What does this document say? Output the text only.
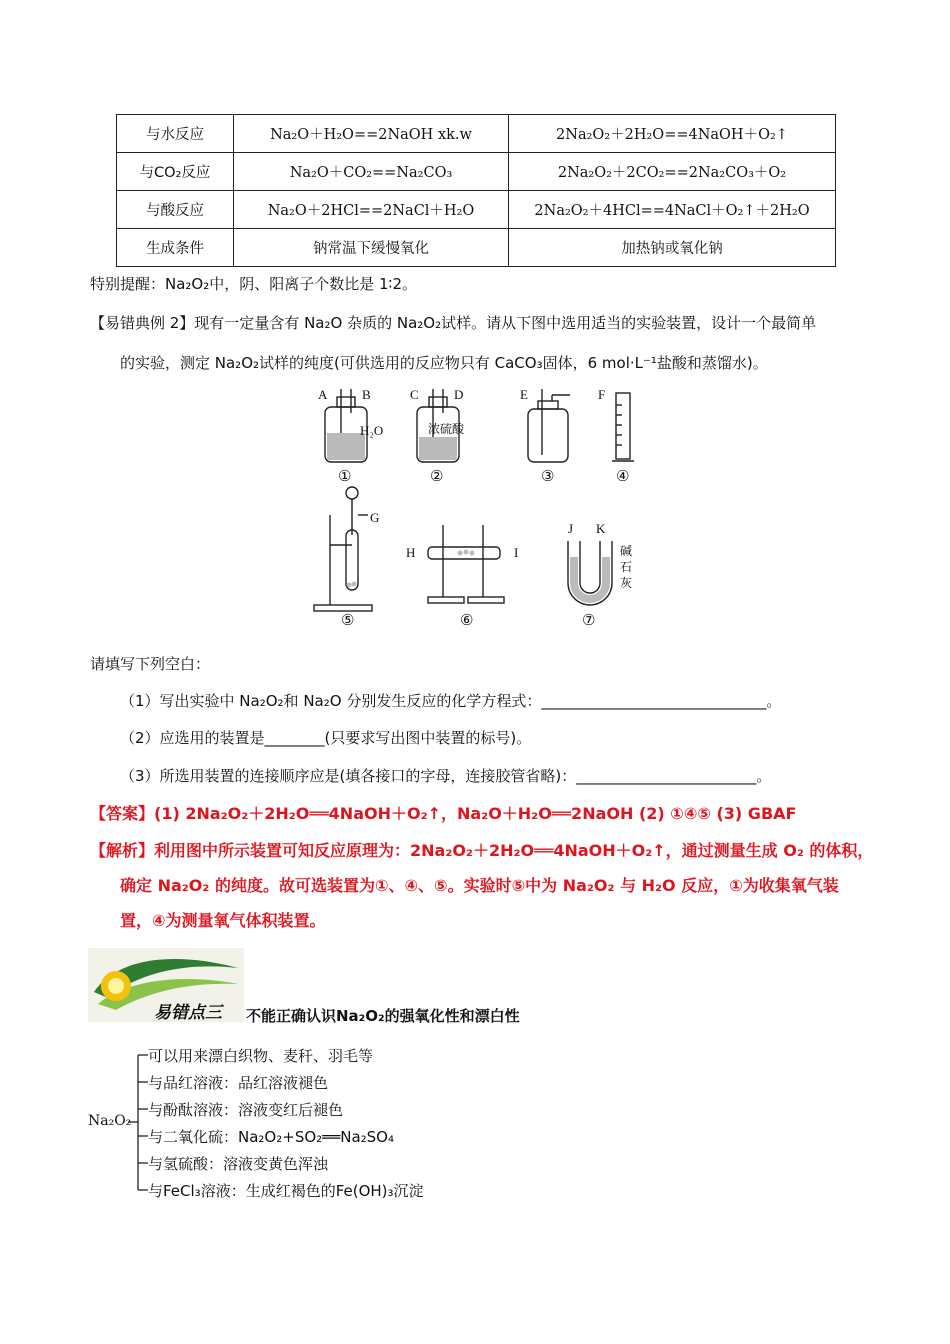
与水反应	Na₂O＋H₂O==2NaOH xk.w	2Na₂O₂＋2H₂O==4NaOH＋O₂↑
与CO₂反应	Na₂O＋CO₂==Na₂CO₃	2Na₂O₂＋2CO₂==2Na₂CO₃＋O₂
与酸反应	Na₂O＋2HCl==2NaCl＋H₂O	2Na₂O₂＋4HCl==4NaCl＋O₂↑＋2H₂O
生成条件	钠常温下缓慢氧化	加热钠或氧化钠
特别提醒：Na₂O₂中，阴、阳离子个数比是 1∶2。
【易错典例 2】现有一定量含有 Na₂O 杂质的 Na₂O₂试样。请从下图中选用适当的实验装置，设计一个最简单
的实验，测定 Na₂O₂试样的纯度(可供选用的反应物只有 CaCO₃固体，6 mol·L⁻¹盐酸和蒸馏水)。
A	B	C	D	E	F
G
H	I
J K
H₂O	浓硫酸
碱
石
灰
①	②	③	④
⑤	⑥	⑦
请填写下列空白：
（1）写出实验中 Na₂O₂和 Na₂O 分别发生反应的化学方程式：______________________________。
（2）应选用的装置是________(只要求写出图中装置的标号)。
（3）所选用装置的连接顺序应是(填各接口的字母，连接胶管省略)：________________________。
【答案】(1) 2Na₂O₂＋2H₂O══4NaOH＋O₂↑，Na₂O＋H₂O══2NaOH (2) ①④⑤ (3) GBAF
【解析】利用图中所示装置可知反应原理为：2Na₂O₂＋2H₂O══4NaOH＋O₂↑，通过测量生成 O₂ 的体积，
确定 Na₂O₂ 的纯度。故可选装置为①、④、⑤。实验时⑤中为 Na₂O₂ 与 H₂O 反应，①为收集氧气装
置，④为测量氧气体积装置。
易错点三 不能正确认识Na₂O₂的强氧化性和漂白性
Na₂O₂
可以用来漂白织物、麦秆、羽毛等
与品红溶液：品红溶液褪色
与酚酞溶液：溶液变红后褪色
与二氧化硫：Na₂O₂+SO₂══Na₂SO₄
与氢硫酸：溶液变黄色浑浊
与FeCl₃溶液：生成红褐色的Fe(OH)₃沉淀
